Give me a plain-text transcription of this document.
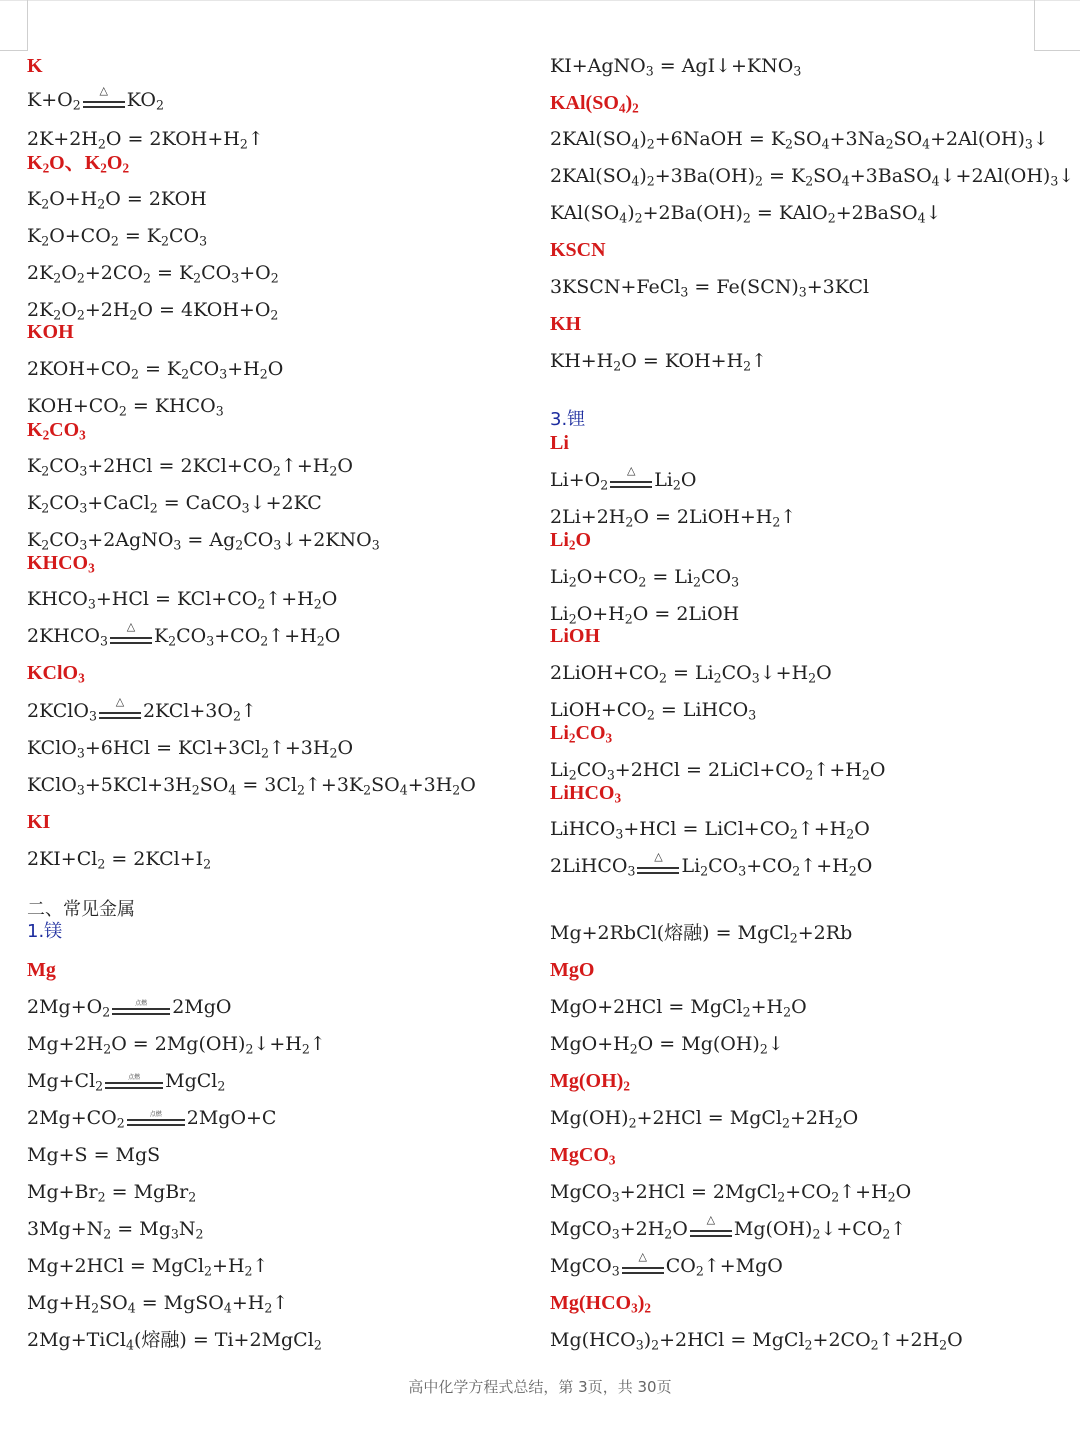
高中化学方程式总结，第 3页，共 30页
K
$K+O_2$
△ $KO_2$
$2K+2H_2O$ = $2KOH+H_2↑$
$K_2O$、$K_2O_2$
$K_2O+H_2O = 2KOH$
$K_2O+CO_2 = K_2CO_3$
$2K_2O_2+2CO_2 = K_2CO_3+O_2$
$2K_2O_2+2H_2O = 4KOH+O_2$
KOH
$2KOH+CO_2 = K_2CO_3+H_2O$
$KOH+CO_2$ = $KHCO_3$
$K_2CO_3$
$K_2CO_3+2HCl$ = $2KCl+CO_2↑+H_2O$
$K_2CO_3+CaCl_2$ = CaCO$_3$↓+2KC
$K_2CO_3+2AgNO_3$ = $Ag_2CO_3↓+2KNO_3$
$KHCO_3$
$KHCO_3+HCl$ = $KCl+CO_2↑+H_2O$
$2KHCO_3$
△ $K_2CO_3+CO_2↑+H_2O$
KClO$_3$
2KClO$_3$
△ $2KCl+3O_2↑$
KClO$_3$+6HCl = $KCl+3Cl_2↑+3H_2O$
$KClO_3+5KCl+3H_2SO_4$ = $3Cl_2↑+3K_2SO_4+3H_2O$
KI
$2KI+Cl_2 = 2KCl+I_2$
二、常见金属
1.镁
Mg
$2Mg+O_2$
点燃	2MgO
$Mg+2H_2O$ = $2Mg(OH)_2↓+H_2↑$
$Mg+Cl_2$
点燃	MgCl$_2$
$2Mg+CO_2$
点燃	2MgO+C
Mg+S = MgS
$Mg+Br_2$ = MgBr$_2$
$3Mg+N_2 = Mg_3N_2$
$Mg+2HCl = MgCl_2+H_2↑$
$Mg+H_2SO_4$ = $MgSO_4+H_2↑$
2Mg+TiCl$_4$(熔融) = Ti+2MgCl$_2$
KI+AgNO$_3$ = $AgI↓+KNO_3$
$KAl(SO_4)_2$
$2KAl(SO_4)_2+6NaOH$ = $K_2SO_4+3Na_2SO_4+2Al(OH)_3↓$
$2KAl(SO_4)_2+3Ba(OH)_2$ = $K_2SO_4+3BaSO_4↓+2Al(OH)_3↓$
$KAl(SO_4)_2+2Ba(OH)_2$ = KAlO$_2$+2BaSO$_4$↓
KSCN
3KSCN+FeCl$_3$ = $Fe(SCN)_3+3KCl$
KH
$KH+H_2O$ = $KOH+H_2↑$
3.锂
Li
$Li+O_2$
△ $Li_2O$
$2Li+2H_2O$ = $2LiOH+H_2↑$
$Li_2O$
$Li_2O+CO_2 = Li_2CO_3$
$Li_2O+H_2O$ = 2LiOH
LiOH
$2LiOH+CO_2$ = $Li_2CO_3↓+H_2O$
$LiOH+CO_2$ = LiHCO$_3$
$Li_2CO_3$
$Li_2CO_3+2HCl$ = $2LiCl+CO_2↑+H_2O$
LiHCO$_3$
LiHCO$_3$+HCl = $LiCl+CO_2↑+H_2O$
2LiHCO$_3$
△ $Li_2CO_3+CO_2↑+H_2O$
Mg+2RbCl(熔融) = MgCl$_2$+2Rb
MgO
$MgO+2HCl = MgCl_2+H_2O$
$MgO+H_2O$ = $Mg(OH)_2↓$
$Mg(OH)_2$
$Mg(OH)_2+2HCl$ = $MgCl_2+2H_2O$
MgCO$_3$
MgCO$_3$+2HCl = $2MgCl_2+CO_2↑+H_2O$
$MgCO_3+2H_2O$	△ $Mg(OH)_2↓+CO_2↑$
MgCO$_3$
△ $CO_2↑+MgO$
$Mg(HCO_3)_2$
$Mg(HCO_3)_2+2HCl$ = $MgCl_2+2CO_2↑+2H_2O$
